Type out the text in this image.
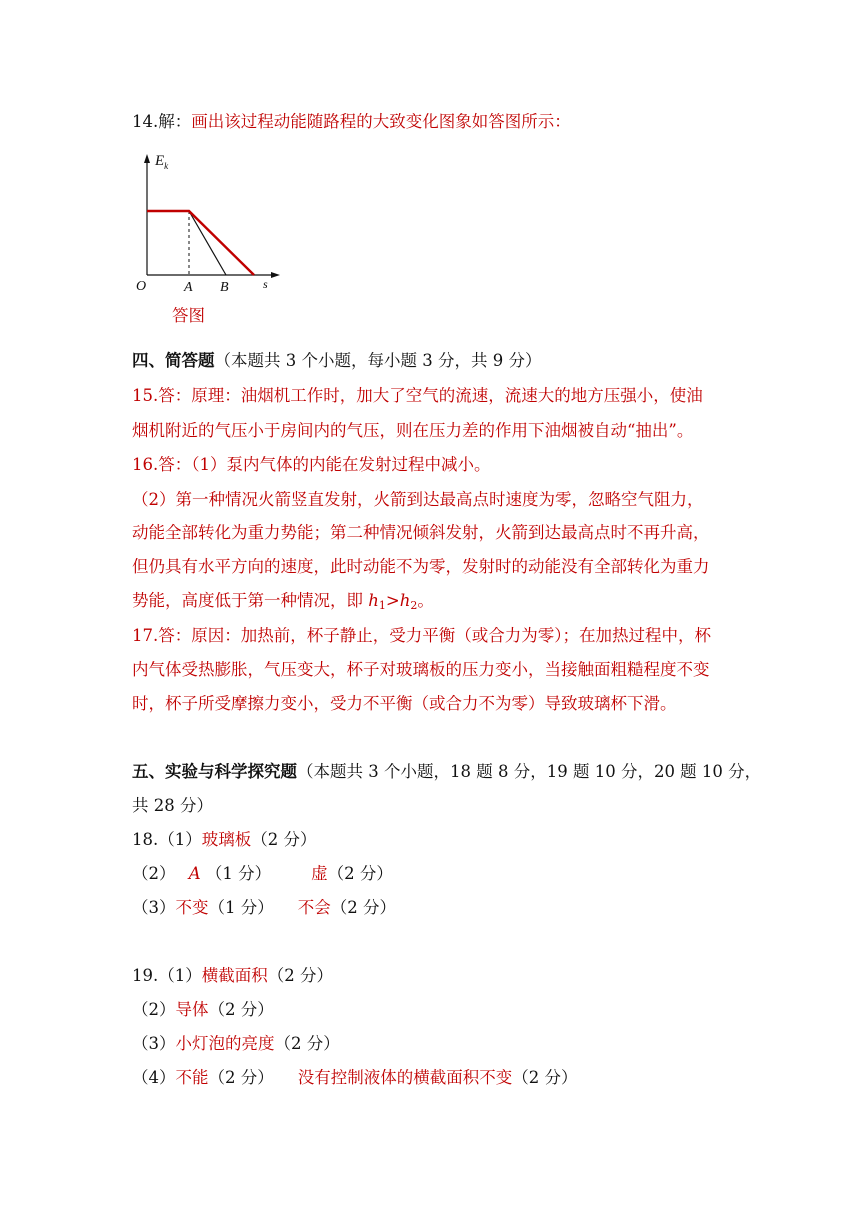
14.解：画出该过程动能随路程的大致变化图象如答图所示：
$E_k$
O	A B	s
答图
四、简答题（本题共 3 个小题，每小题 3 分，共 9 分）
15.答：原理：油烟机工作时，加大了空气的流速，流速大的地方压强小，使油
烟机附近的气压小于房间内的气压，则在压力差的作用下油烟被自动“抽出”。
16.答：（1）泵内气体的内能在发射过程中减小。
（2）第一种情况火箭竖直发射，火箭到达最高点时速度为零，忽略空气阻力，
动能全部转化为重力势能；第二种情况倾斜发射，火箭到达最高点时不再升高，
但仍具有水平方向的速度，此时动能不为零，发射时的动能没有全部转化为重力
势能，高度低于第一种情况，即 $h_1>h_2$。
17.答：原因：加热前，杯子静止，受力平衡（或合力为零）；在加热过程中，杯
内气体受热膨胀，气压变大，杯子对玻璃板的压力变小，当接触面粗糙程度不变
时，杯子所受摩擦力变小，受力不平衡（或合力不为零）导致玻璃杯下滑。
五、实验与科学探究题（本题共 3 个小题，18 题 8 分，19 题 10 分，20 题 10 分，
共 28 分）
18.（1）玻璃板（2 分）
（2） A （1 分） 虚（2 分）
（3）不变（1 分） 不会（2 分）
19.（1）横截面积（2 分）
（2）导体（2 分）
（3）小灯泡的亮度（2 分）
（4）不能（2 分） 没有控制液体的横截面积不变（2 分）
